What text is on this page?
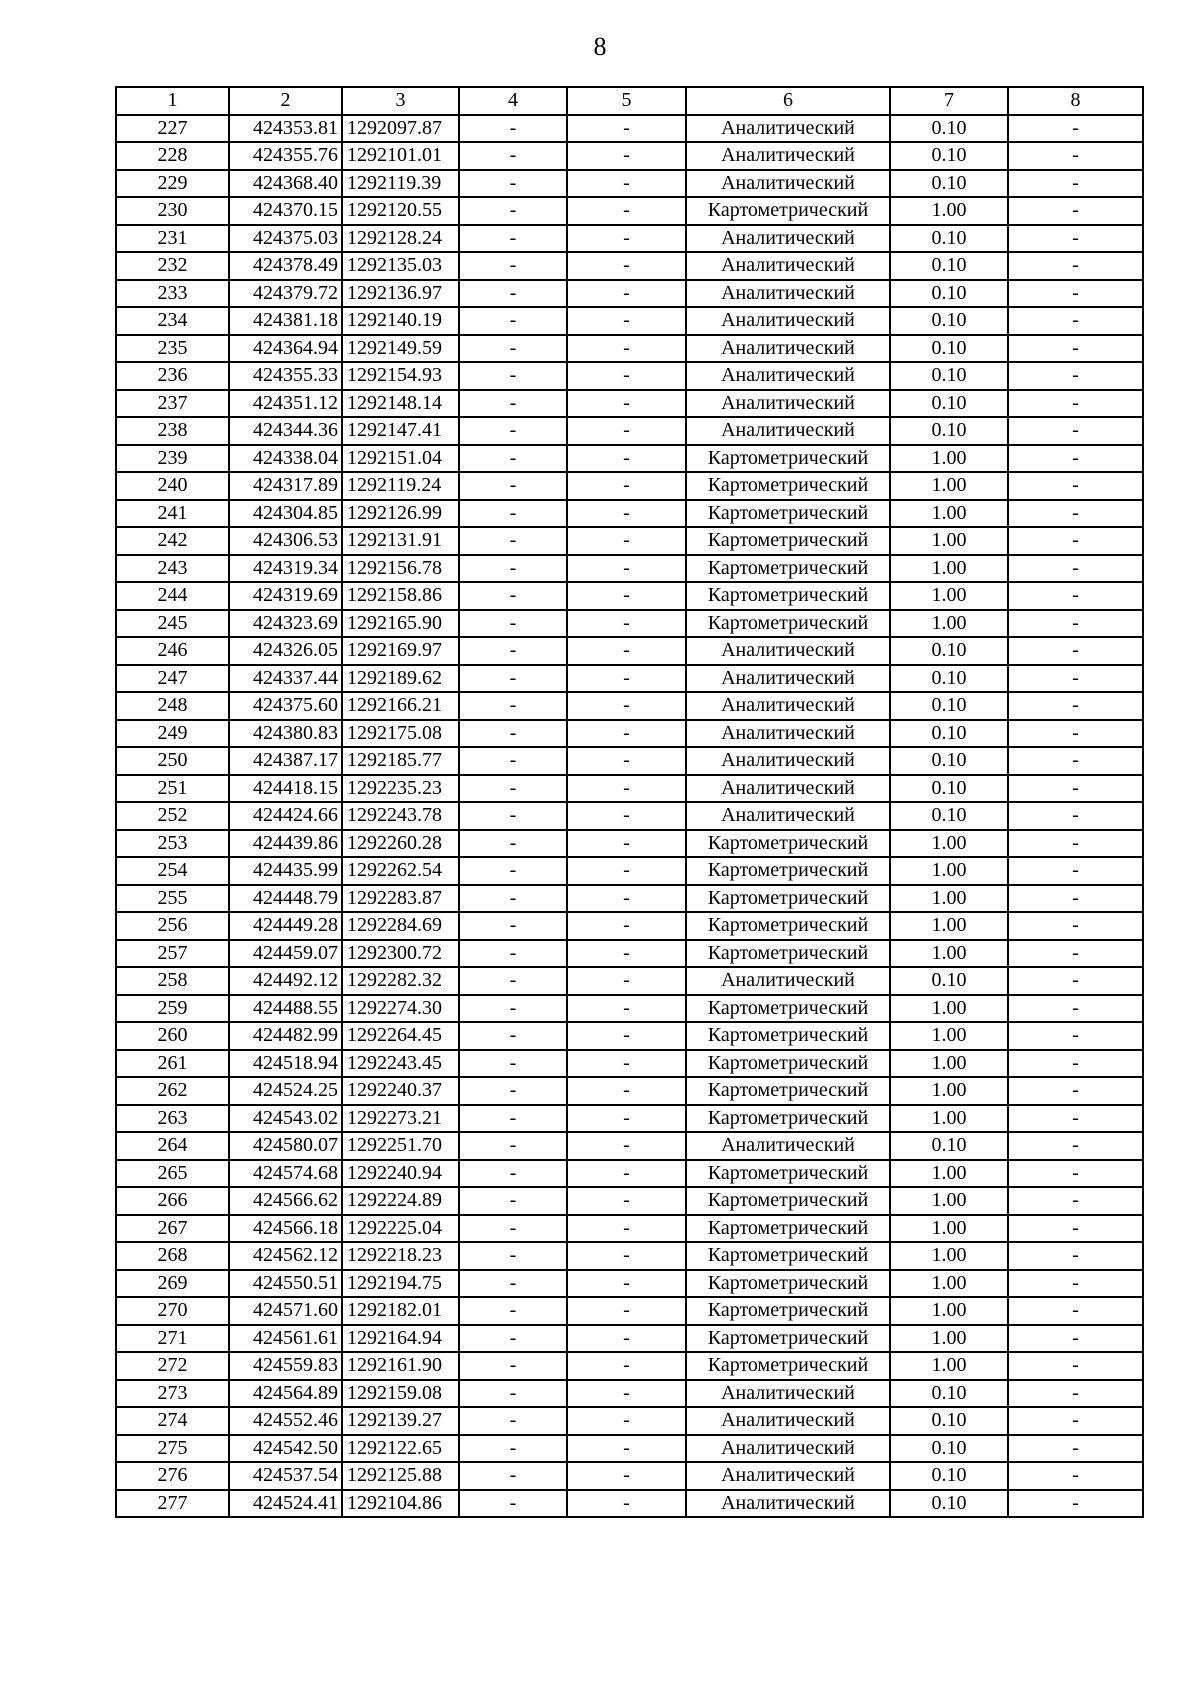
8
1	2	3	4	5	6	7	8
227	424353.81	1292097.87	-	-	Аналитический	0.10	-
228	424355.76	1292101.01	-	-	Аналитический	0.10	-
229	424368.40	1292119.39	-	-	Аналитический	0.10	-
230	424370.15	1292120.55	-	-	Картометрический	1.00	-
231	424375.03	1292128.24	-	-	Аналитический	0.10	-
232	424378.49	1292135.03	-	-	Аналитический	0.10	-
233	424379.72	1292136.97	-	-	Аналитический	0.10	-
234	424381.18	1292140.19	-	-	Аналитический	0.10	-
235	424364.94	1292149.59	-	-	Аналитический	0.10	-
236	424355.33	1292154.93	-	-	Аналитический	0.10	-
237	424351.12	1292148.14	-	-	Аналитический	0.10	-
238	424344.36	1292147.41	-	-	Аналитический	0.10	-
239	424338.04	1292151.04	-	-	Картометрический	1.00	-
240	424317.89	1292119.24	-	-	Картометрический	1.00	-
241	424304.85	1292126.99	-	-	Картометрический	1.00	-
242	424306.53	1292131.91	-	-	Картометрический	1.00	-
243	424319.34	1292156.78	-	-	Картометрический	1.00	-
244	424319.69	1292158.86	-	-	Картометрический	1.00	-
245	424323.69	1292165.90	-	-	Картометрический	1.00	-
246	424326.05	1292169.97	-	-	Аналитический	0.10	-
247	424337.44	1292189.62	-	-	Аналитический	0.10	-
248	424375.60	1292166.21	-	-	Аналитический	0.10	-
249	424380.83	1292175.08	-	-	Аналитический	0.10	-
250	424387.17	1292185.77	-	-	Аналитический	0.10	-
251	424418.15	1292235.23	-	-	Аналитический	0.10	-
252	424424.66	1292243.78	-	-	Аналитический	0.10	-
253	424439.86	1292260.28	-	-	Картометрический	1.00	-
254	424435.99	1292262.54	-	-	Картометрический	1.00	-
255	424448.79	1292283.87	-	-	Картометрический	1.00	-
256	424449.28	1292284.69	-	-	Картометрический	1.00	-
257	424459.07	1292300.72	-	-	Картометрический	1.00	-
258	424492.12	1292282.32	-	-	Аналитический	0.10	-
259	424488.55	1292274.30	-	-	Картометрический	1.00	-
260	424482.99	1292264.45	-	-	Картометрический	1.00	-
261	424518.94	1292243.45	-	-	Картометрический	1.00	-
262	424524.25	1292240.37	-	-	Картометрический	1.00	-
263	424543.02	1292273.21	-	-	Картометрический	1.00	-
264	424580.07	1292251.70	-	-	Аналитический	0.10	-
265	424574.68	1292240.94	-	-	Картометрический	1.00	-
266	424566.62	1292224.89	-	-	Картометрический	1.00	-
267	424566.18	1292225.04	-	-	Картометрический	1.00	-
268	424562.12	1292218.23	-	-	Картометрический	1.00	-
269	424550.51	1292194.75	-	-	Картометрический	1.00	-
270	424571.60	1292182.01	-	-	Картометрический	1.00	-
271	424561.61	1292164.94	-	-	Картометрический	1.00	-
272	424559.83	1292161.90	-	-	Картометрический	1.00	-
273	424564.89	1292159.08	-	-	Аналитический	0.10	-
274	424552.46	1292139.27	-	-	Аналитический	0.10	-
275	424542.50	1292122.65	-	-	Аналитический	0.10	-
276	424537.54	1292125.88	-	-	Аналитический	0.10	-
277	424524.41	1292104.86	-	-	Аналитический	0.10	-
